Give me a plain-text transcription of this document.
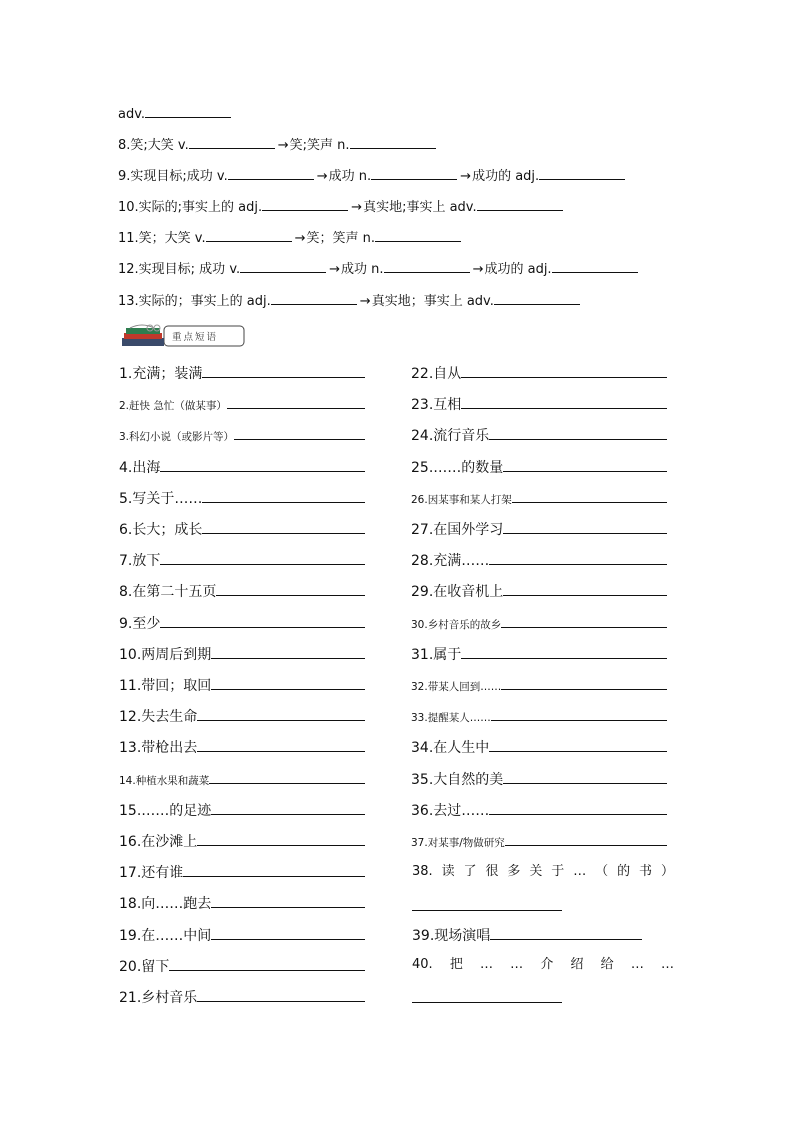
adv.
8.笑;大笑 v.	→笑;笑声 n.
9.实现目标;成功 v.	→成功 n.	→成功的 adj.
10.实际的;事实上的 adj.	→真实地;事实上 adv.
11.笑；大笑 v.	→笑；笑声 n.
12.实现目标; 成功 v.	→成功 n.	→成功的 adj.
13.实际的；事实上的 adj.	→真实地；事实上 adv.
重点短语
1.充满；装满
2.赶快 急忙（做某事）
3.科幻小说（或影片等）
4.出海
5.写关于……
6.长大；成长
7.放下
8.在第二十五页
9.至少
10.两周后到期
11.带回；取回
12.失去生命
13.带枪出去
14.种植水果和蔬菜
15.……的足迹
16.在沙滩上
17.还有谁
18.向……跑去
19.在……中间
20.留下
21.乡村音乐
22.自从
23.互相
24.流行音乐
25.……的数量
26.因某事和某人打架
27.在国外学习
28.充满……
29.在收音机上
30.乡村音乐的故乡
31.属于
32.带某人回到……
33.提醒某人……
34.在人生中
35.大自然的美
36.去过……
37.对某事/物做研究
38. 读 了 很 多 关 于 … （ 的 书 ）
39.现场演唱
40. 把 … … 介 绍 给 … …
